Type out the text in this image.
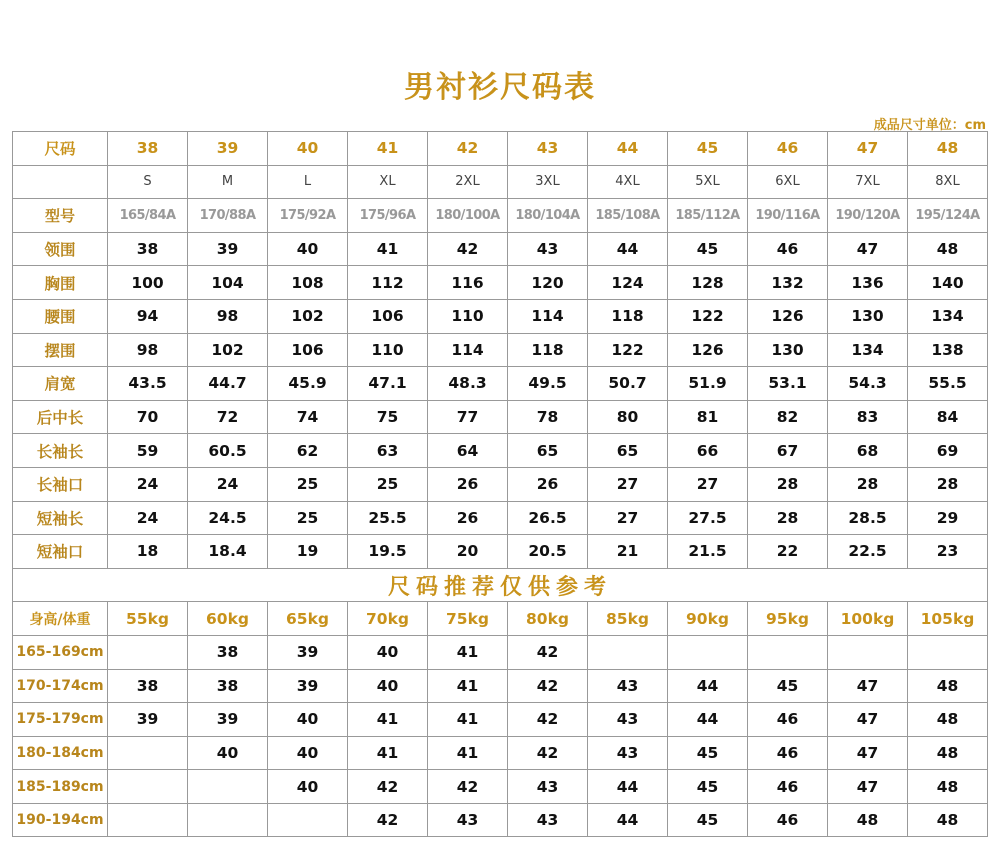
男衬衫尺码表
成品尺寸单位：cm
尺码	38	39	40	41	42	43	44	45	46	47	48
	S	M	L	XL	2XL	3XL	4XL	5XL	6XL	7XL	8XL
型号	165/84A	170/88A	175/92A	175/96A	180/100A	180/104A	185/108A	185/112A	190/116A	190/120A	195/124A
领围	38	39	40	41	42	43	44	45	46	47	48
胸围	100	104	108	112	116	120	124	128	132	136	140
腰围	94	98	102	106	110	114	118	122	126	130	134
摆围	98	102	106	110	114	118	122	126	130	134	138
肩宽	43.5	44.7	45.9	47.1	48.3	49.5	50.7	51.9	53.1	54.3	55.5
后中长	70	72	74	75	77	78	80	81	82	83	84
长袖长	59	60.5	62	63	64	65	65	66	67	68	69
长袖口	24	24	25	25	26	26	27	27	28	28	28
短袖长	24	24.5	25	25.5	26	26.5	27	27.5	28	28.5	29
短袖口	18	18.4	19	19.5	20	20.5	21	21.5	22	22.5	23
尺码推荐仅供参考											
身高/体重	55kg	60kg	65kg	70kg	75kg	80kg	85kg	90kg	95kg	100kg	105kg
165-169cm		38	39	40	41	42					
170-174cm	38	38	39	40	41	42	43	44	45	47	48
175-179cm	39	39	40	41	41	42	43	44	46	47	48
180-184cm		40	40	41	41	42	43	45	46	47	48
185-189cm			40	42	42	43	44	45	46	47	48
190-194cm				42	43	43	44	45	46	48	48
